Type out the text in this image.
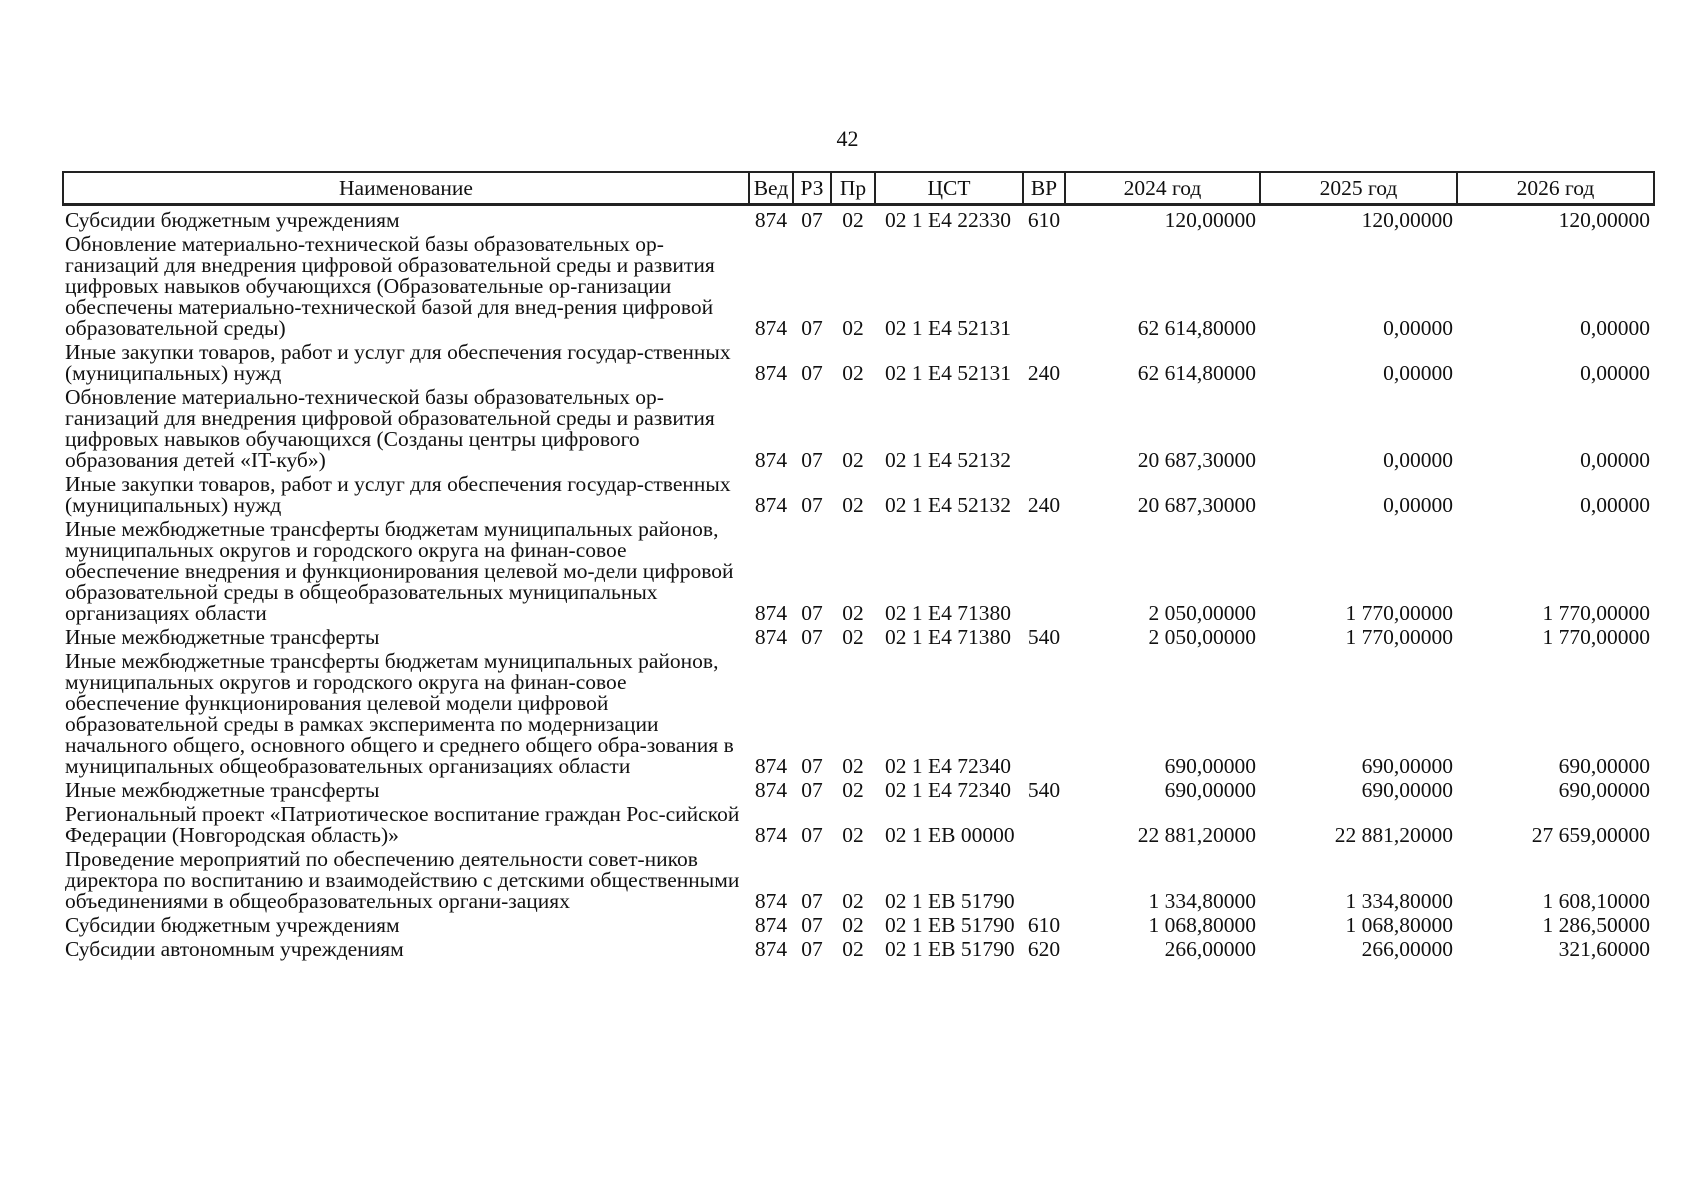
42
Наименование	Вед	РЗ	Пр	ЦСТ	ВР	2024 год	2025 год	2026 год
Субсидии бюджетным учреждениям	874	07	02	02 1 Е4 22330	610	120,00000	120,00000	120,00000
Обновление материально-технической базы образовательных ор-ганизаций для внедрения цифровой образовательной среды и развития цифровых навыков обучающихся (Образовательные ор-ганизации обеспечены материально-технической базой для внед-рения цифровой образовательной среды)	874	07	02	02 1 Е4 52131		62 614,80000	0,00000	0,00000
Иные закупки товаров, работ и услуг для обеспечения государ-ственных (муниципальных) нужд	874	07	02	02 1 Е4 52131	240	62 614,80000	0,00000	0,00000
Обновление материально-технической базы образовательных ор-ганизаций для внедрения цифровой образовательной среды и развития цифровых навыков обучающихся (Созданы центры цифрового образования детей «IT-куб»)	874	07	02	02 1 Е4 52132		20 687,30000	0,00000	0,00000
Иные закупки товаров, работ и услуг для обеспечения государ-ственных (муниципальных) нужд	874	07	02	02 1 Е4 52132	240	20 687,30000	0,00000	0,00000
Иные межбюджетные трансферты бюджетам муниципальных районов, муниципальных округов и городского округа на финан-совое обеспечение внедрения и функционирования целевой мо-дели цифровой образовательной среды в общеобразовательных муниципальных организациях области	874	07	02	02 1 Е4 71380		2 050,00000	1 770,00000	1 770,00000
Иные межбюджетные трансферты	874	07	02	02 1 Е4 71380	540	2 050,00000	1 770,00000	1 770,00000
Иные межбюджетные трансферты бюджетам муниципальных районов, муниципальных округов и городского округа на финан-совое обеспечение функционирования целевой модели цифровой образовательной среды в рамках эксперимента по модернизации начального общего, основного общего и среднего общего обра-зования в муниципальных общеобразовательных организациях области	874	07	02	02 1 Е4 72340		690,00000	690,00000	690,00000
Иные межбюджетные трансферты	874	07	02	02 1 Е4 72340	540	690,00000	690,00000	690,00000
Региональный проект «Патриотическое воспитание граждан Рос-сийской Федерации (Новгородская область)»	874	07	02	02 1 ЕВ 00000		22 881,20000	22 881,20000	27 659,00000
Проведение мероприятий по обеспечению деятельности совет-ников директора по воспитанию и взаимодействию с детскими общественными объединениями в общеобразовательных органи-зациях	874	07	02	02 1 ЕВ 51790		1 334,80000	1 334,80000	1 608,10000
Субсидии бюджетным учреждениям	874	07	02	02 1 ЕВ 51790	610	1 068,80000	1 068,80000	1 286,50000
Субсидии автономным учреждениям	874	07	02	02 1 ЕВ 51790	620	266,00000	266,00000	321,60000
